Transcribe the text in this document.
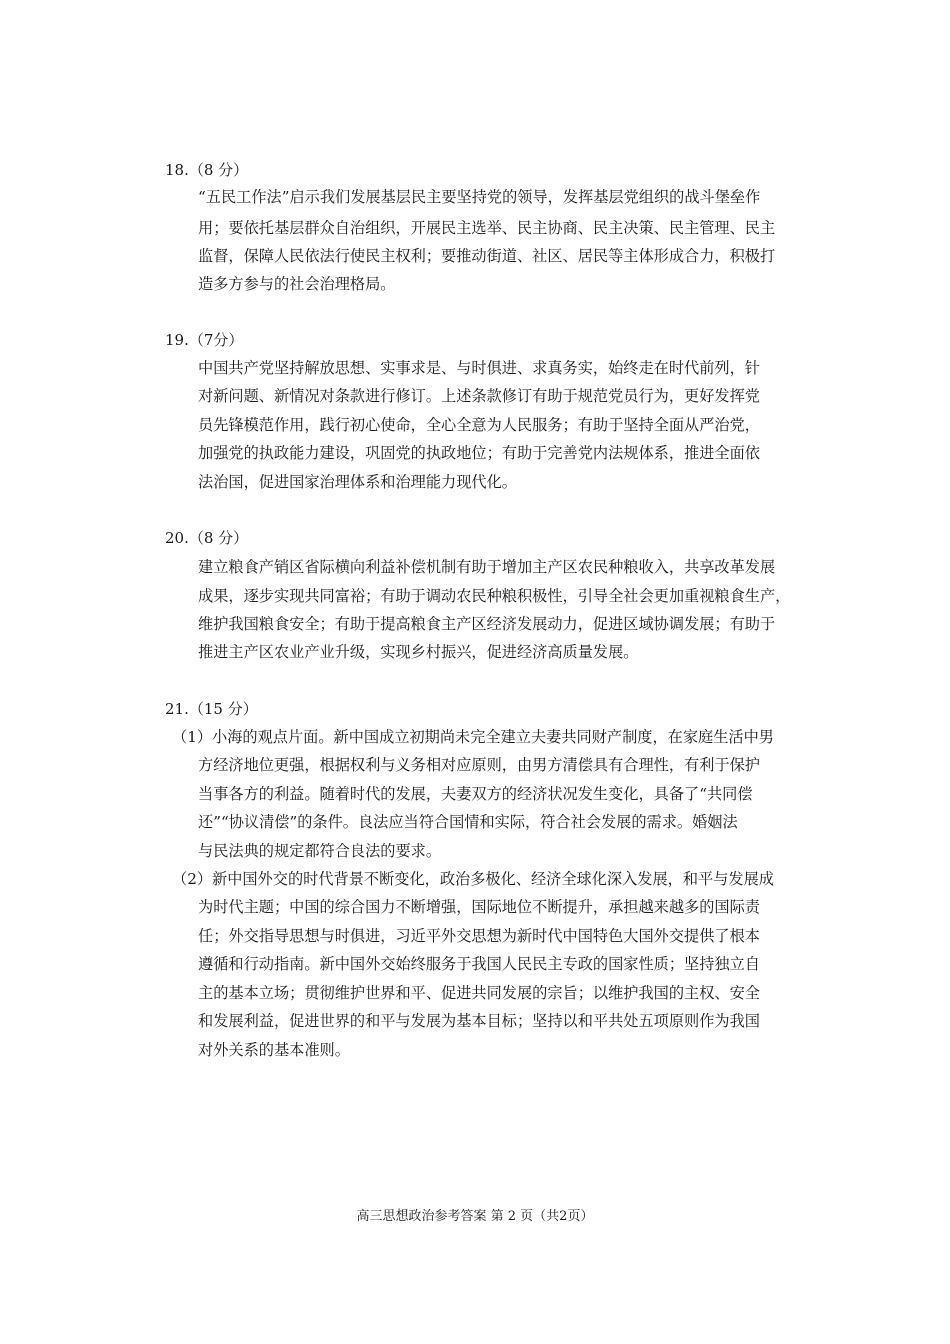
18.（8 分）
“五民工作法”启示我们发展基层民主要坚持党的领导，发挥基层党组织的战斗堡垒作
用；要依托基层群众自治组织，开展民主选举、民主协商、民主决策、民主管理、民主
监督，保障人民依法行使民主权利；要推动街道、社区、居民等主体形成合力，积极打
造多方参与的社会治理格局。
19.（7分）
中国共产党坚持解放思想、实事求是、与时俱进、求真务实，始终走在时代前列，针
对新问题、新情况对条款进行修订。上述条款修订有助于规范党员行为，更好发挥党
员先锋模范作用，践行初心使命，全心全意为人民服务；有助于坚持全面从严治党，
加强党的执政能力建设，巩固党的执政地位；有助于完善党内法规体系，推进全面依
法治国，促进国家治理体系和治理能力现代化。
20.（8 分）
建立粮食产销区省际横向利益补偿机制有助于增加主产区农民种粮收入，共享改革发展
成果，逐步实现共同富裕；有助于调动农民种粮积极性，引导全社会更加重视粮食生产，
维护我国粮食安全；有助于提高粮食主产区经济发展动力，促进区域协调发展；有助于
推进主产区农业产业升级，实现乡村振兴，促进经济高质量发展。
21.（15 分）
（1）小海的观点片面。新中国成立初期尚未完全建立夫妻共同财产制度，在家庭生活中男
方经济地位更强，根据权利与义务相对应原则，由男方清偿具有合理性，有利于保护
当事各方的利益。随着时代的发展，夫妻双方的经济状况发生变化，具备了“共同偿
还”“协议清偿”的条件。良法应当符合国情和实际，符合社会发展的需求。婚姻法
与民法典的规定都符合良法的要求。
（2）新中国外交的时代背景不断变化，政治多极化、经济全球化深入发展，和平与发展成
为时代主题；中国的综合国力不断增强，国际地位不断提升，承担越来越多的国际责
任；外交指导思想与时俱进，习近平外交思想为新时代中国特色大国外交提供了根本
遵循和行动指南。新中国外交始终服务于我国人民民主专政的国家性质；坚持独立自
主的基本立场；贯彻维护世界和平、促进共同发展的宗旨；以维护我国的主权、安全
和发展利益，促进世界的和平与发展为基本目标；坚持以和平共处五项原则作为我国
对外关系的基本准则。
高三思想政治参考答案 第 2 页（共2页）
